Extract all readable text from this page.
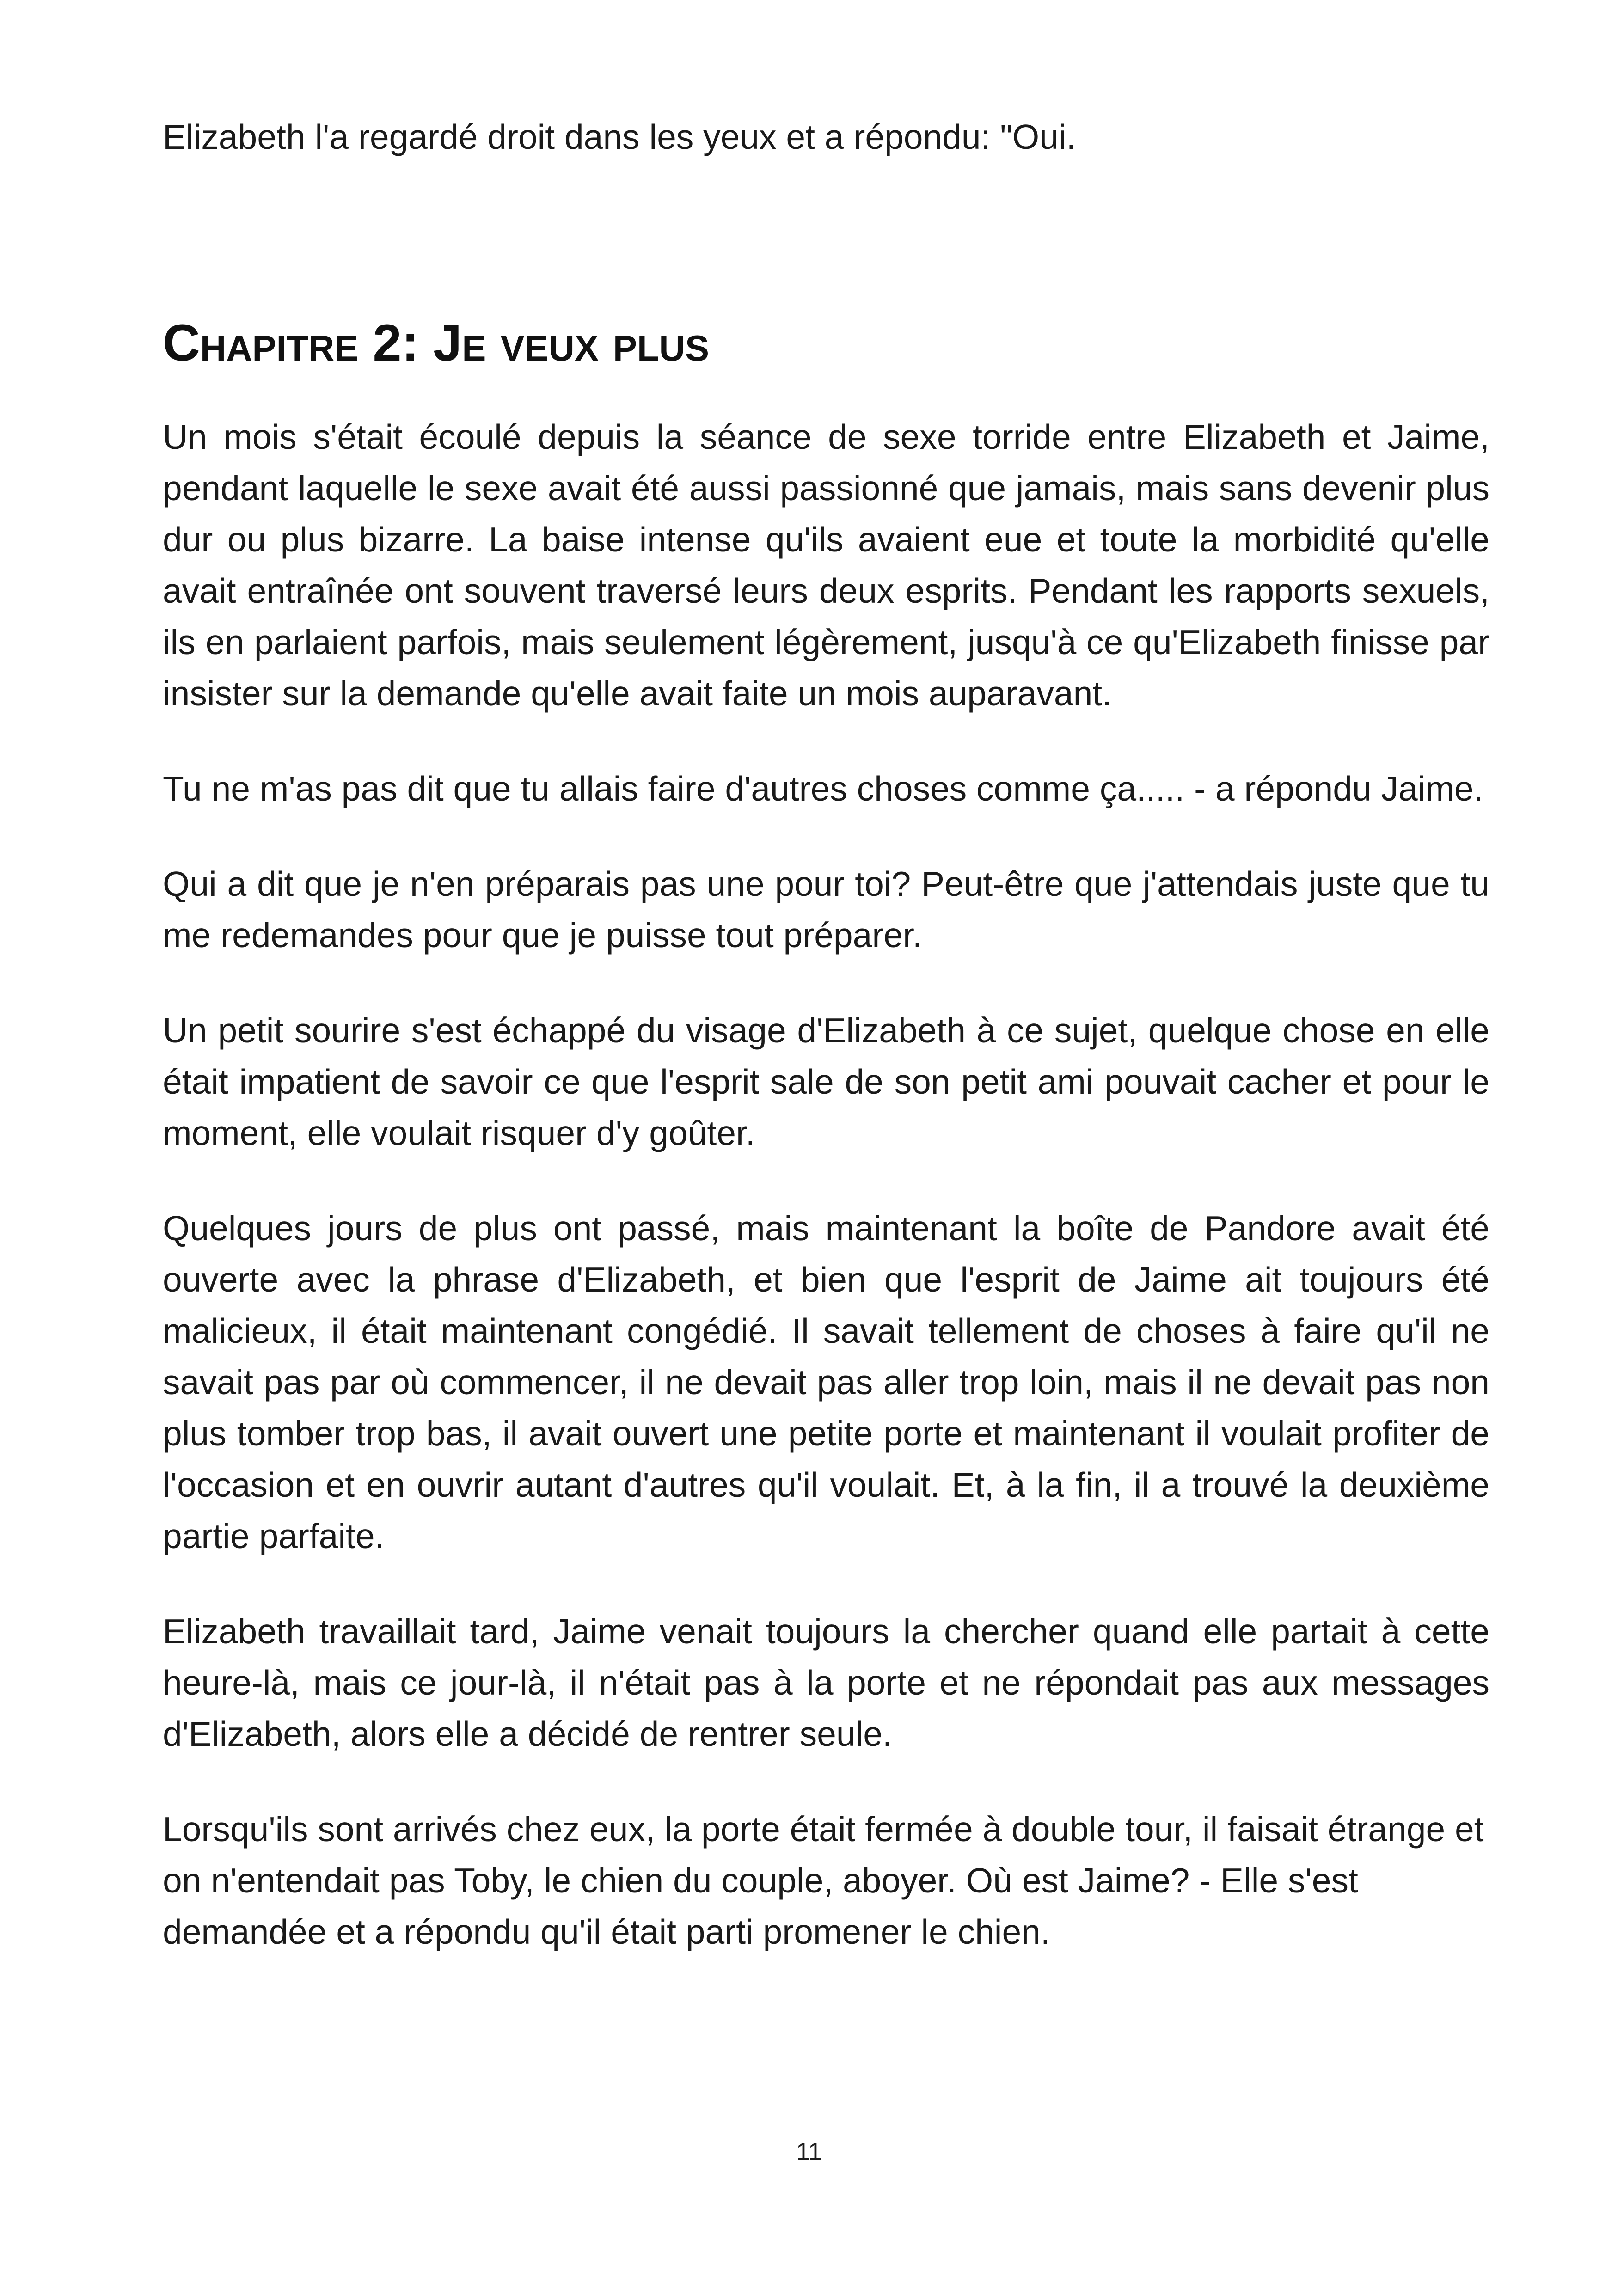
Elizabeth l'a regardé droit dans les yeux et a répondu: "Oui.

Chapitre 2: Je veux plus

Un mois s'était écoulé depuis la séance de sexe torride entre Elizabeth et Jaime, pendant laquelle le sexe avait été aussi passionné que jamais, mais sans devenir plus dur ou plus bizarre. La baise intense qu'ils avaient eue et toute la morbidité qu'elle avait entraînée ont souvent traversé leurs deux esprits. Pendant les rapports sexuels, ils en parlaient parfois, mais seulement légèrement, jusqu'à ce qu'Elizabeth finisse par insister sur la demande qu'elle avait faite un mois auparavant.

Tu ne m'as pas dit que tu allais faire d'autres choses comme ça..... - a répondu Jaime.

Qui a dit que je n'en préparais pas une pour toi? Peut-être que j'attendais juste que tu me redemandes pour que je puisse tout préparer.

Un petit sourire s'est échappé du visage d'Elizabeth à ce sujet, quelque chose en elle était impatient de savoir ce que l'esprit sale de son petit ami pouvait cacher et pour le moment, elle voulait risquer d'y goûter.

Quelques jours de plus ont passé, mais maintenant la boîte de Pandore avait été ouverte avec la phrase d'Elizabeth, et bien que l'esprit de Jaime ait toujours été malicieux, il était maintenant congédié. Il savait tellement de choses à faire qu'il ne savait pas par où commencer, il ne devait pas aller trop loin, mais il ne devait pas non plus tomber trop bas, il avait ouvert une petite porte et maintenant il voulait profiter de l'occasion et en ouvrir autant d'autres qu'il voulait. Et, à la fin, il a trouvé la deuxième partie parfaite.

Elizabeth travaillait tard, Jaime venait toujours la chercher quand elle partait à cette heure-là, mais ce jour-là, il n'était pas à la porte et ne répondait pas aux messages d'Elizabeth, alors elle a décidé de rentrer seule.

Lorsqu'ils sont arrivés chez eux, la porte était fermée à double tour, il faisait étrange et on n'entendait pas Toby, le chien du couple, aboyer. Où est Jaime? - Elle s'est demandée et a répondu qu'il était parti promener le chien.

11
